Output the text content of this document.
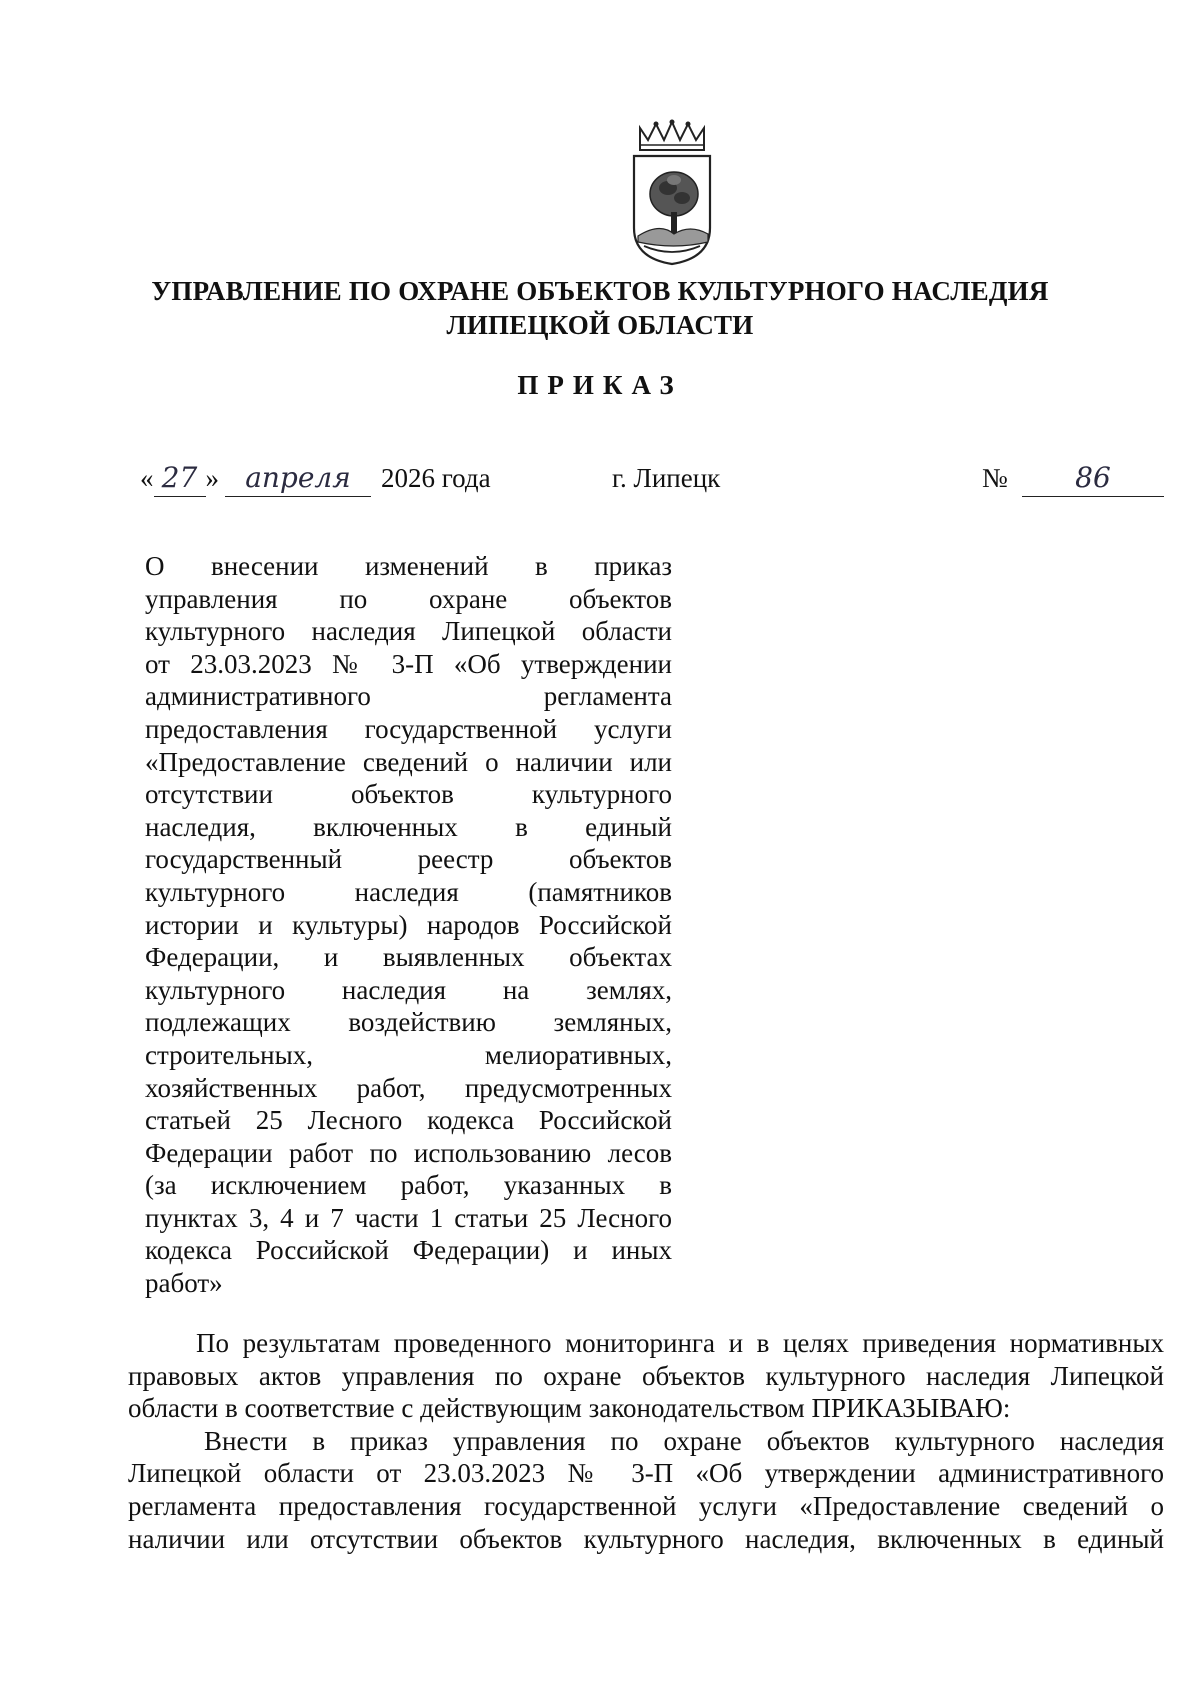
УПРАВЛЕНИЕ ПО ОХРАНЕ ОБЪЕКТОВ КУЛЬТУРНОГО НАСЛЕДИЯ
ЛИПЕЦКОЙ ОБЛАСТИ
ПРИКАЗ
« 27 » апреля 2026 года	г. Липецк	№	86
О внесении изменений в приказ
управления по охране объектов
культурного наследия Липецкой области
от 23.03.2023 № 3-П «Об утверждении
административного регламента
предоставления государственной услуги
«Предоставление сведений о наличии или
отсутствии объектов культурного
наследия, включенных в единый
государственный реестр объектов
культурного наследия (памятников
истории и культуры) народов Российской
Федерации, и выявленных объектах
культурного наследия на землях,
подлежащих воздействию земляных,
строительных, мелиоративных,
хозяйственных работ, предусмотренных
статьей 25 Лесного кодекса Российской
Федерации работ по использованию лесов
(за исключением работ, указанных в
пунктах 3, 4 и 7 части 1 статьи 25 Лесного
кодекса Российской Федерации) и иных
работ»

По результатам проведенного мониторинга и в целях приведения нормативных
правовых актов управления по охране объектов культурного наследия Липецкой
области в соответствие с действующим законодательством ПРИКАЗЫВАЮ:

Внести в приказ управления по охране объектов культурного наследия
Липецкой области от 23.03.2023 № 3-П «Об утверждении административного
регламента предоставления государственной услуги «Предоставление сведений о
наличии или отсутствии объектов культурного наследия, включенных в единый
